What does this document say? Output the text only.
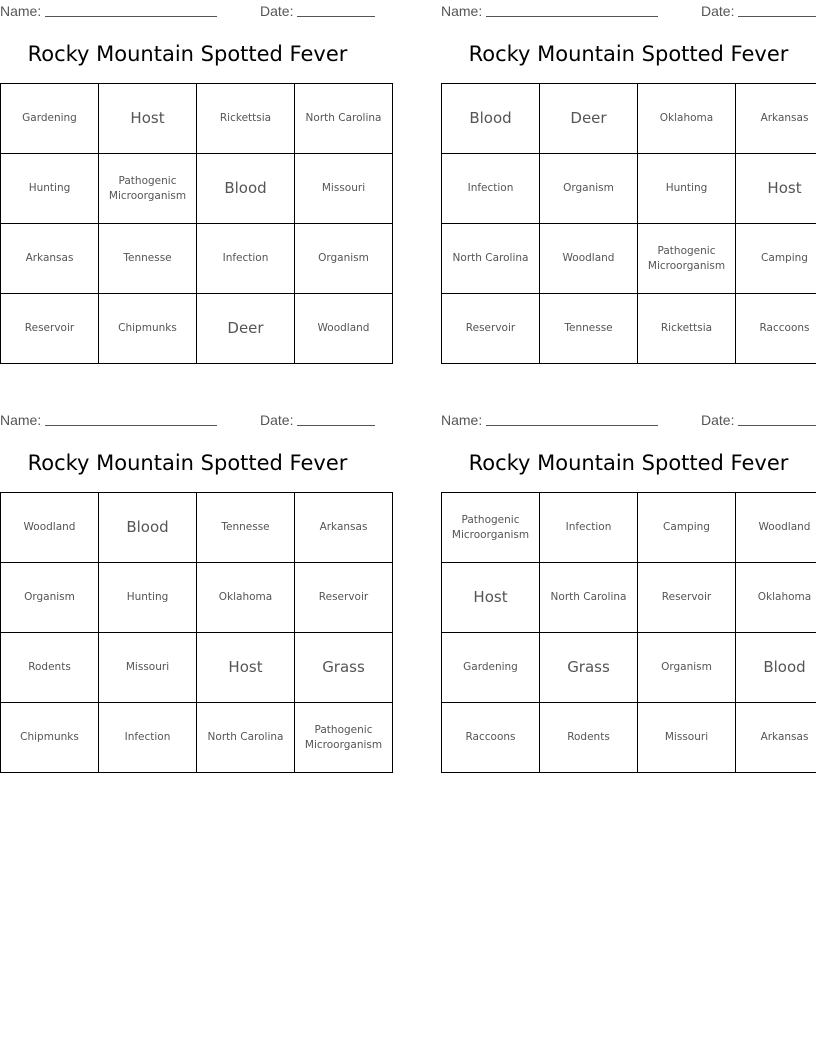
Name:	Date:
Rocky Mountain Spotted Fever
Gardening	Host	Rickettsia	North Carolina
Hunting	Pathogenic Microorganism	Blood	Missouri
Arkansas	Tennesse	Infection	Organism
Reservoir	Chipmunks	Deer	Woodland
Name:	Date:
Rocky Mountain Spotted Fever
Blood	Deer	Oklahoma	Arkansas
Infection	Organism	Hunting	Host
North Carolina	Woodland	Pathogenic Microorganism	Camping
Reservoir	Tennesse	Rickettsia	Raccoons
Name:	Date:
Rocky Mountain Spotted Fever
Woodland	Blood	Tennesse	Arkansas
Organism	Hunting	Oklahoma	Reservoir
Rodents	Missouri	Host	Grass
Chipmunks	Infection	North Carolina	Pathogenic Microorganism
Name:	Date:
Rocky Mountain Spotted Fever
Pathogenic Microorganism	Infection	Camping	Woodland
Host	North Carolina	Reservoir	Oklahoma
Gardening	Grass	Organism	Blood
Raccoons	Rodents	Missouri	Arkansas
